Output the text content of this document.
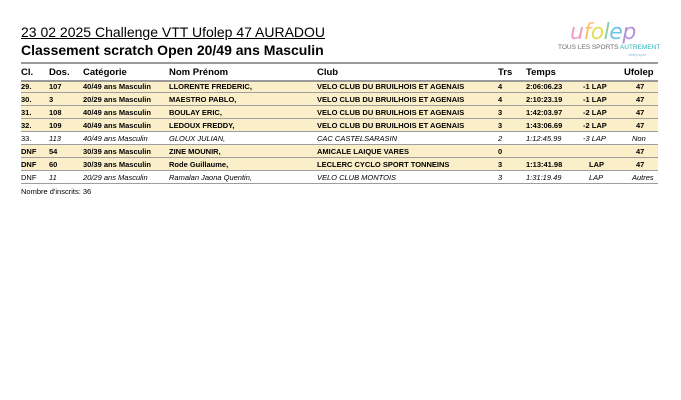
23 02 2025 Challenge VTT Ufolep 47 AURADOU
Classement scratch Open 20/49 ans Masculin
ufolep
TOUS LES SPORTS AUTREMENT
ufolep.sport
Cl.	Dos.	Catégorie	Nom Prénom	Club	Trs	Temps		Ufolep
29.	107	40/49 ans Masculin	LLORENTE FREDERIC,	VELO CLUB DU BRUILHOIS ET AGENAIS	4	2:06:06.23	-1 LAP	47
30.	3	20/29 ans Masculin	MAESTRO PABLO,	VELO CLUB DU BRUILHOIS ET AGENAIS	4	2:10:23.19	-1 LAP	47
31.	108	40/49 ans Masculin	BOULAY ERIC,	VELO CLUB DU BRUILHOIS ET AGENAIS	3	1:42:03.97	-2 LAP	47
32.	109	40/49 ans Masculin	LEDOUX FREDDY,	VELO CLUB DU BRUILHOIS ET AGENAIS	3	1:43:06.69	-2 LAP	47
33.	113	40/49 ans Masculin	GLOUX JULIAN,	CAC CASTELSARASIN	2	1:12:45.99	-3 LAP	Non
DNF	54	30/39 ans Masculin	ZINE MOUNIR,	AMICALE LAIQUE VARES	0			47
DNF	60	30/39 ans Masculin	Rode Guillaume,	LECLERC CYCLO SPORT TONNEINS	3	1:13:41.98	LAP	47
DNF	11	20/29 ans Masculin	Ramalan Jaona Quentin,	VELO CLUB MONTOIS	3	1:31:19.49	LAP	Autres
Nombre d'inscrits: 36
